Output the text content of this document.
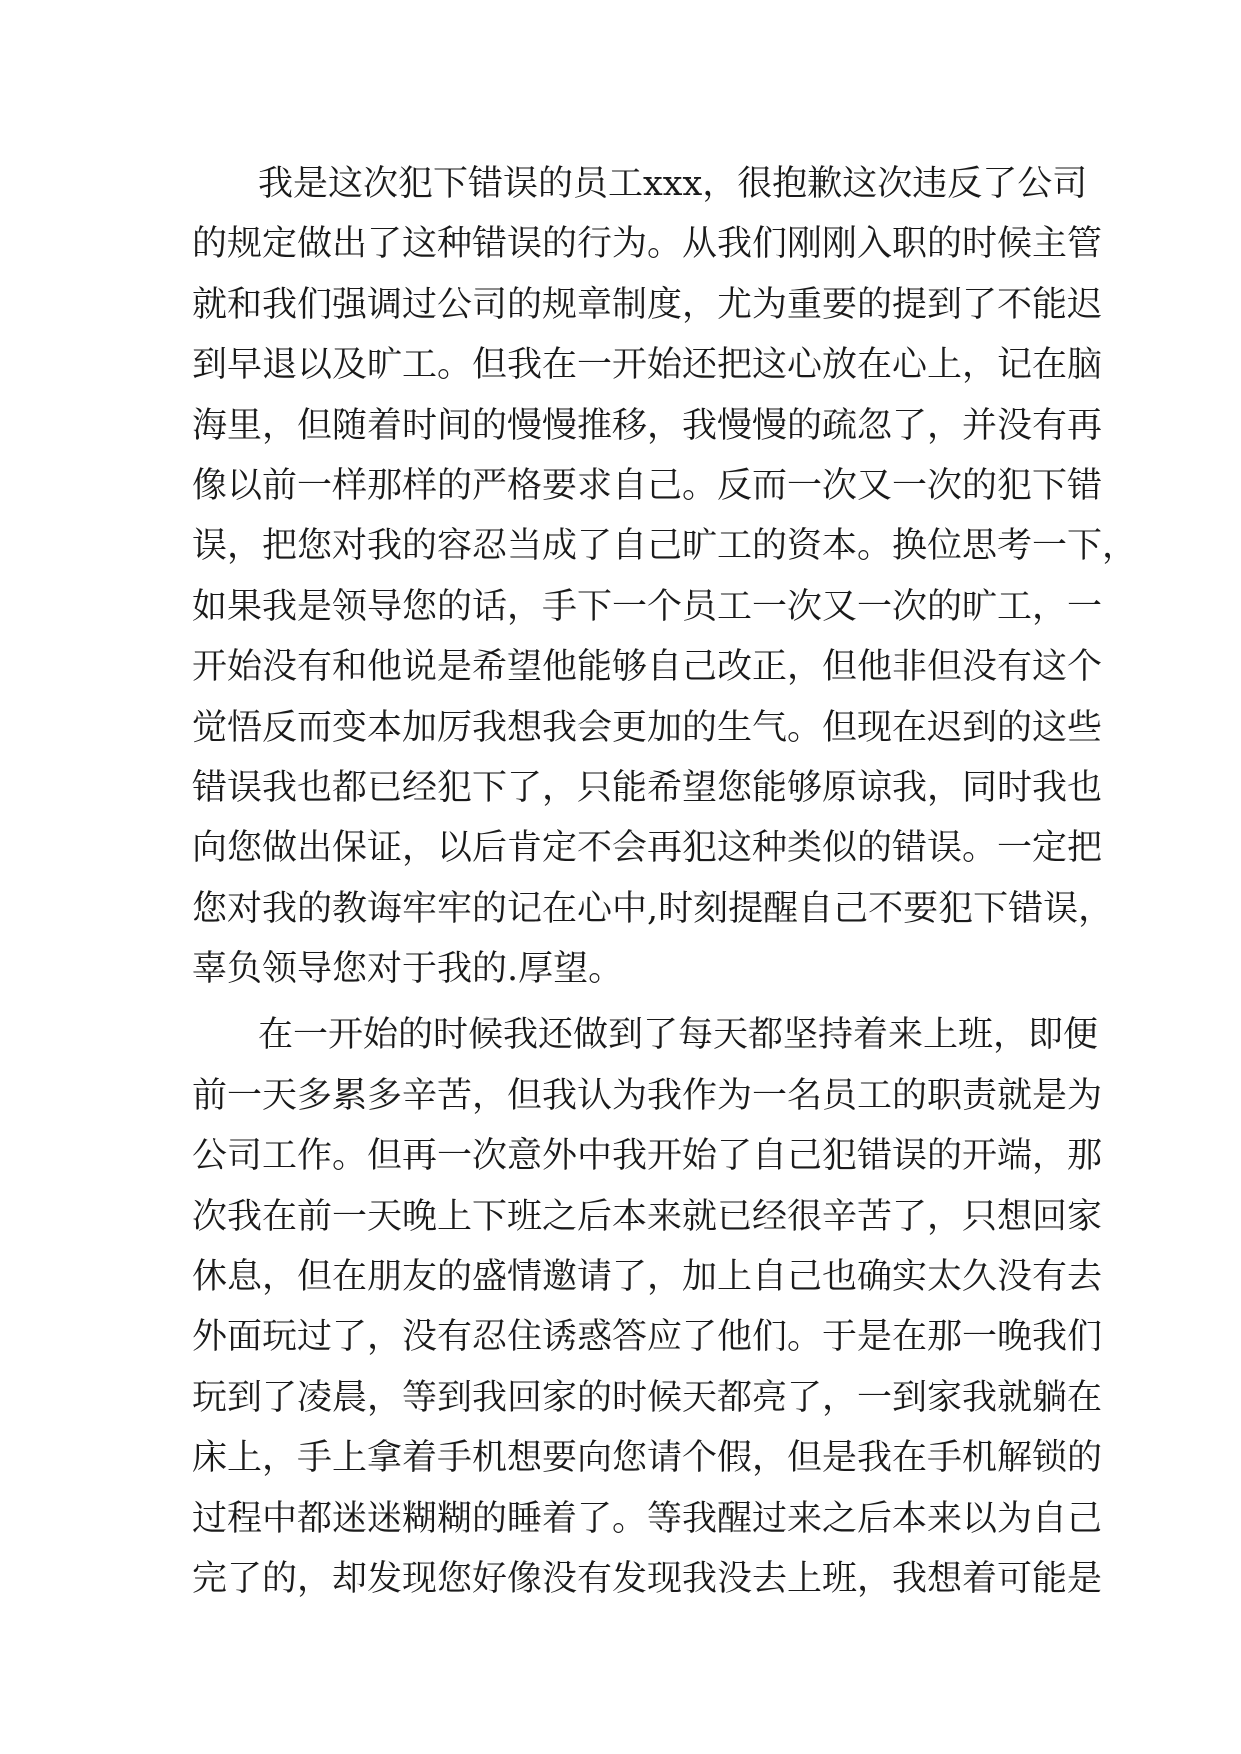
我是这次犯下错误的员工xxx，很抱歉这次违反了公司
的规定做出了这种错误的行为。从我们刚刚入职的时候主管
就和我们强调过公司的规章制度，尤为重要的提到了不能迟
到早退以及旷工。但我在一开始还把这心放在心上，记在脑
海里，但随着时间的慢慢推移，我慢慢的疏忽了，并没有再
像以前一样那样的严格要求自己。反而一次又一次的犯下错
误，把您对我的容忍当成了自己旷工的资本。换位思考一下，
如果我是领导您的话，手下一个员工一次又一次的旷工，一
开始没有和他说是希望他能够自己改正，但他非但没有这个
觉悟反而变本加厉我想我会更加的生气。但现在迟到的这些
错误我也都已经犯下了，只能希望您能够原谅我，同时我也
向您做出保证，以后肯定不会再犯这种类似的错误。一定把
您对我的教诲牢牢的记在心中,时刻提醒自己不要犯下错误，
辜负领导您对于我的.厚望。
在一开始的时候我还做到了每天都坚持着来上班，即便
前一天多累多辛苦，但我认为我作为一名员工的职责就是为
公司工作。但再一次意外中我开始了自己犯错误的开端，那
次我在前一天晚上下班之后本来就已经很辛苦了，只想回家
休息，但在朋友的盛情邀请了，加上自己也确实太久没有去
外面玩过了，没有忍住诱惑答应了他们。于是在那一晚我们
玩到了凌晨，等到我回家的时候天都亮了，一到家我就躺在
床上，手上拿着手机想要向您请个假，但是我在手机解锁的
过程中都迷迷糊糊的睡着了。等我醒过来之后本来以为自己
完了的，却发现您好像没有发现我没去上班，我想着可能是
